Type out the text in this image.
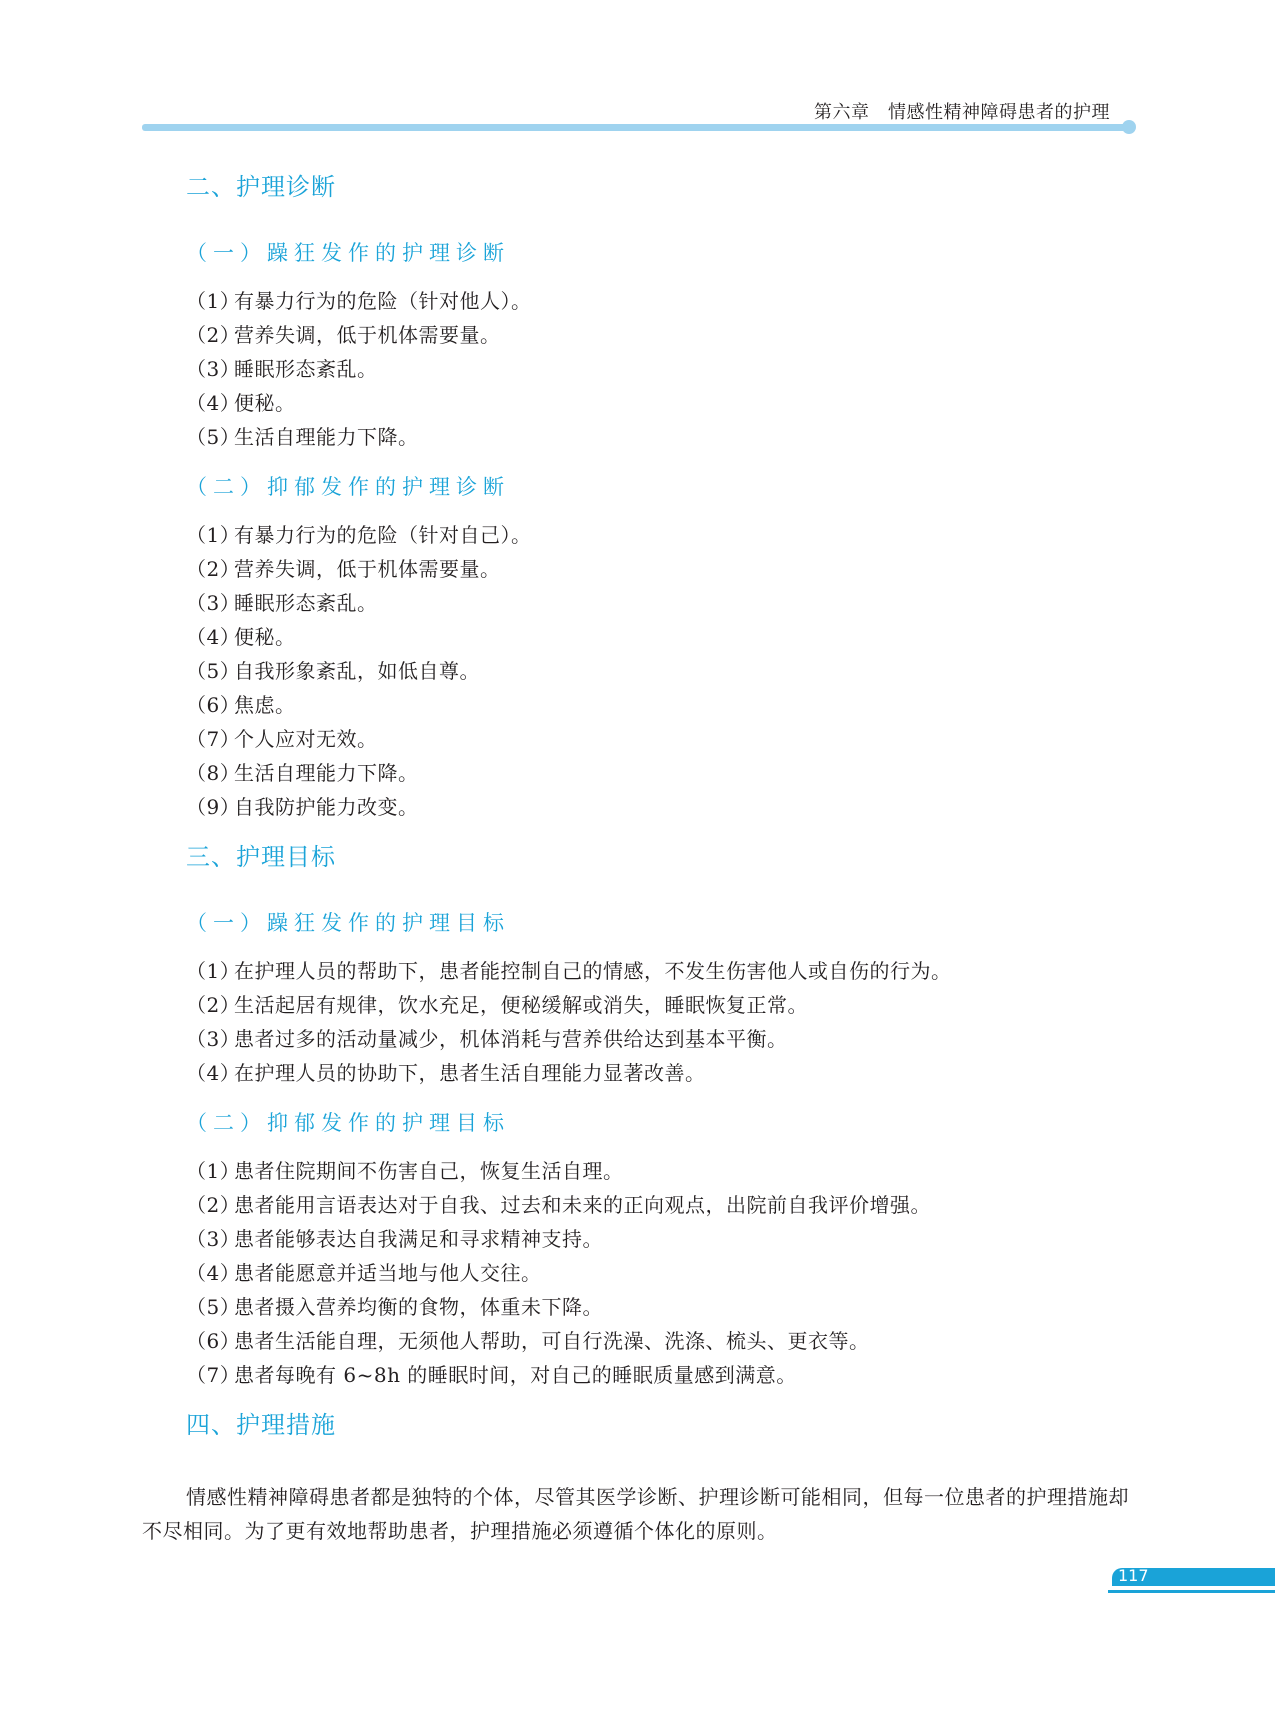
第六章　情感性精神障碍患者的护理
二、护理诊断
（一）躁狂发作的护理诊断
（1）有暴力行为的危险（针对他人）。
（2）营养失调，低于机体需要量。
（3）睡眠形态紊乱。
（4）便秘。
（5）生活自理能力下降。
（二）抑郁发作的护理诊断
（1）有暴力行为的危险（针对自己）。
（2）营养失调，低于机体需要量。
（3）睡眠形态紊乱。
（4）便秘。
（5）自我形象紊乱，如低自尊。
（6）焦虑。
（7）个人应对无效。
（8）生活自理能力下降。
（9）自我防护能力改变。
三、护理目标
（一）躁狂发作的护理目标
（1）在护理人员的帮助下，患者能控制自己的情感，不发生伤害他人或自伤的行为。
（2）生活起居有规律，饮水充足，便秘缓解或消失，睡眠恢复正常。
（3）患者过多的活动量减少，机体消耗与营养供给达到基本平衡。
（4）在护理人员的协助下，患者生活自理能力显著改善。
（二）抑郁发作的护理目标
（1）患者住院期间不伤害自己，恢复生活自理。
（2）患者能用言语表达对于自我、过去和未来的正向观点，出院前自我评价增强。
（3）患者能够表达自我满足和寻求精神支持。
（4）患者能愿意并适当地与他人交往。
（5）患者摄入营养均衡的食物，体重未下降。
（6）患者生活能自理，无须他人帮助，可自行洗澡、洗涤、梳头、更衣等。
（7）患者每晚有 6~8h 的睡眠时间，对自己的睡眠质量感到满意。
四、护理措施
情感性精神障碍患者都是独特的个体，尽管其医学诊断、护理诊断可能相同，但每一位患者的护理措施却不尽相同。为了更有效地帮助患者，护理措施必须遵循个体化的原则。
117
